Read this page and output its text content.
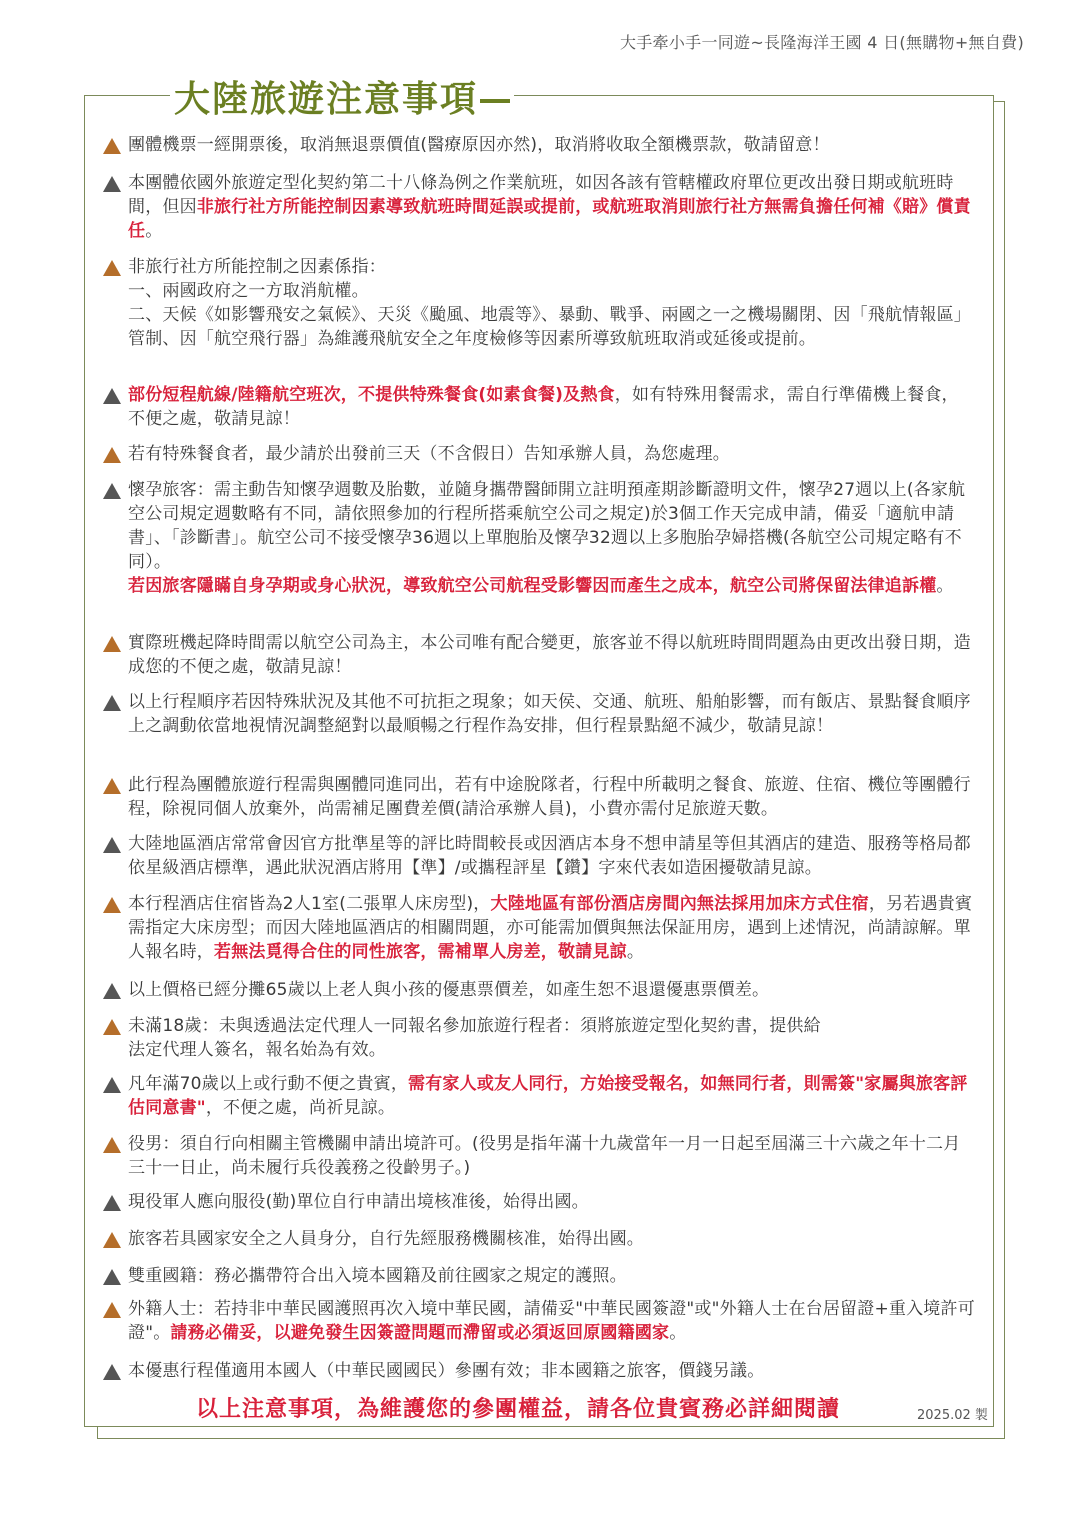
大手牽小手一同遊~長隆海洋王國 4 日(無購物+無自費)
大陸旅遊注意事項
團體機票一經開票後，取消無退票價值(醫療原因亦然)，取消將收取全額機票款，敬請留意！
本團體依國外旅遊定型化契約第二十八條為例之作業航班，如因各該有管轄權政府單位更改出發日期或航班時間，但因非旅行社方所能控制因素導致航班時間延誤或提前，或航班取消則旅行社方無需負擔任何補《賠》償責任。
非旅行社方所能控制之因素係指：
一、兩國政府之一方取消航權。
二、天候《如影響飛安之氣候》、天災《颱風、地震等》、暴動、戰爭、兩國之一之機場關閉、因「飛航情報區」管制、因「航空飛行器」為維護飛航安全之年度檢修等因素所導致航班取消或延後或提前。
部份短程航線/陸籍航空班次，不提供特殊餐食(如素食餐)及熱食，如有特殊用餐需求，需自行準備機上餐食，不便之處，敬請見諒！
若有特殊餐食者，最少請於出發前三天（不含假日）告知承辦人員，為您處理。
懷孕旅客：需主動告知懷孕週數及胎數，並隨身攜帶醫師開立註明預產期診斷證明文件，懷孕27週以上(各家航空公司規定週數略有不同，請依照參加的行程所搭乘航空公司之規定)於3個工作天完成申請，備妥「適航申請書」、「診斷書」。航空公司不接受懷孕36週以上單胞胎及懷孕32週以上多胞胎孕婦搭機(各航空公司規定略有不同）。
若因旅客隱瞞自身孕期或身心狀況，導致航空公司航程受影響因而產生之成本，航空公司將保留法律追訴權。
實際班機起降時間需以航空公司為主，本公司唯有配合變更，旅客並不得以航班時間問題為由更改出發日期，造成您的不便之處，敬請見諒！
以上行程順序若因特殊狀況及其他不可抗拒之現象；如天侯、交通、航班、船舶影響，而有飯店、景點餐食順序上之調動依當地視情況調整絕對以最順暢之行程作為安排，但行程景點絕不減少，敬請見諒！
此行程為團體旅遊行程需與團體同進同出，若有中途脫隊者，行程中所載明之餐食、旅遊、住宿、機位等團體行程，除視同個人放棄外，尚需補足團費差價(請洽承辦人員)，小費亦需付足旅遊天數。
大陸地區酒店常常會因官方批準星等的評比時間較長或因酒店本身不想申請星等但其酒店的建造、服務等格局都依星級酒店標準，遇此狀況酒店將用【準】/或攜程評星【鑽】字來代表如造困擾敬請見諒。
本行程酒店住宿皆為2人1室(二張單人床房型)，大陸地區有部份酒店房間內無法採用加床方式住宿，另若遇貴賓需指定大床房型；而因大陸地區酒店的相關問題，亦可能需加價與無法保証用房，遇到上述情況，尚請諒解。單人報名時，若無法覓得合住的同性旅客，需補單人房差，敬請見諒。
以上價格已經分攤65歲以上老人與小孩的優惠票價差，如產生恕不退還優惠票價差。
未滿18歲：未與透過法定代理人一同報名參加旅遊行程者：須將旅遊定型化契約書，提供給
法定代理人簽名，報名始為有效。
凡年滿70歲以上或行動不便之貴賓，需有家人或友人同行，方始接受報名，如無同行者，則需簽"家屬與旅客評估同意書"，不便之處，尚祈見諒。
役男：須自行向相關主管機關申請出境許可。(役男是指年滿十九歲當年一月一日起至屆滿三十六歲之年十二月三十一日止，尚未履行兵役義務之役齡男子。)
現役軍人應向服役(勤)單位自行申請出境核准後，始得出國。
旅客若具國家安全之人員身分，自行先經服務機關核准，始得出國。
雙重國籍：務必攜帶符合出入境本國籍及前往國家之規定的護照。
外籍人士：若持非中華民國護照再次入境中華民國，請備妥"中華民國簽證"或"外籍人士在台居留證+重入境許可證"。請務必備妥，以避免發生因簽證問題而滯留或必須返回原國籍國家。
本優惠行程僅適用本國人（中華民國國民）參團有效；非本國籍之旅客，價錢另議。
以上注意事項，為維護您的參團權益，請各位貴賓務必詳細閱讀	2025.02 製
